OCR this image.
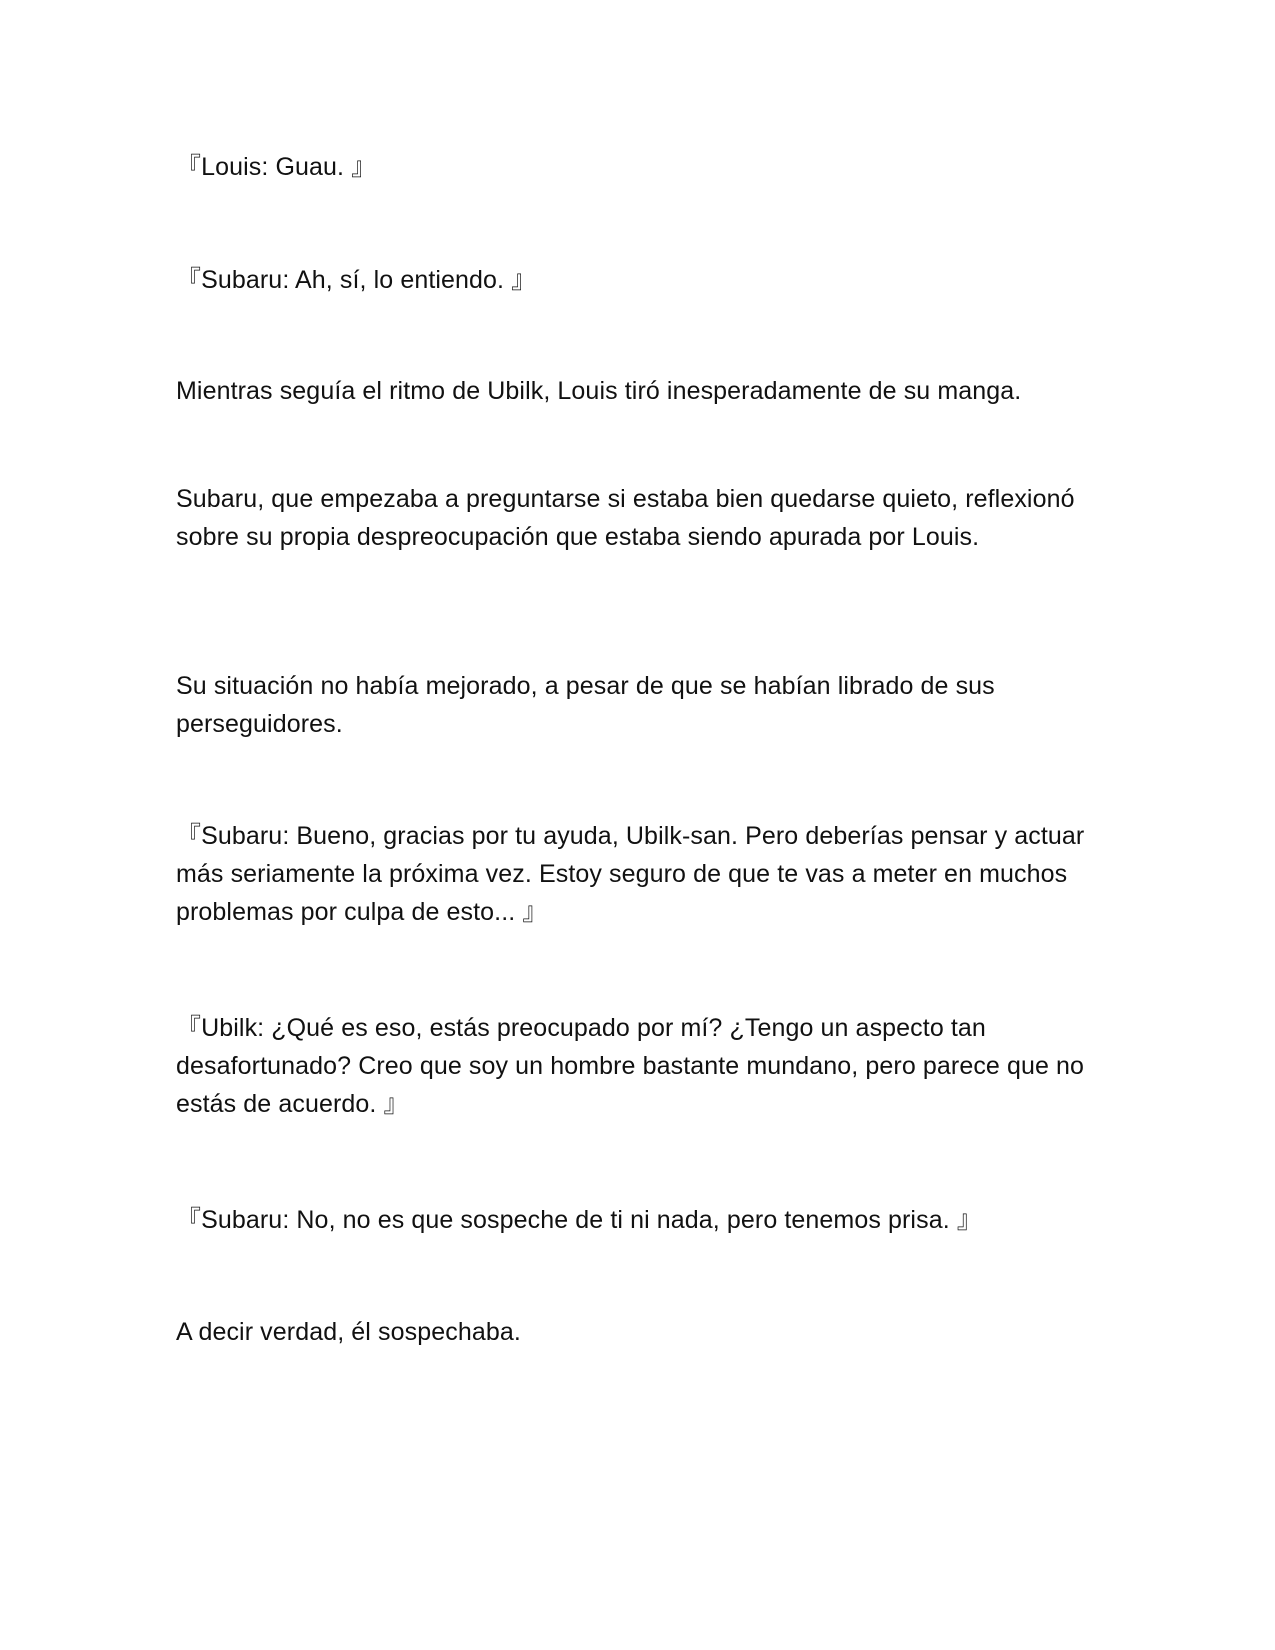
『Louis: Guau. 』

『Subaru: Ah, sí, lo entiendo. 』

Mientras seguía el ritmo de Ubilk, Louis tiró inesperadamente de su manga.

Subaru, que empezaba a preguntarse si estaba bien quedarse quieto, reflexionó sobre su propia despreocupación que estaba siendo apurada por Louis.

Su situación no había mejorado, a pesar de que se habían librado de sus perseguidores.

『Subaru: Bueno, gracias por tu ayuda, Ubilk-san. Pero deberías pensar y actuar más seriamente la próxima vez. Estoy seguro de que te vas a meter en muchos problemas por culpa de esto... 』

『Ubilk: ¿Qué es eso, estás preocupado por mí? ¿Tengo un aspecto tan desafortunado? Creo que soy un hombre bastante mundano, pero parece que no estás de acuerdo. 』

『Subaru: No, no es que sospeche de ti ni nada, pero tenemos prisa. 』

A decir verdad, él sospechaba.
